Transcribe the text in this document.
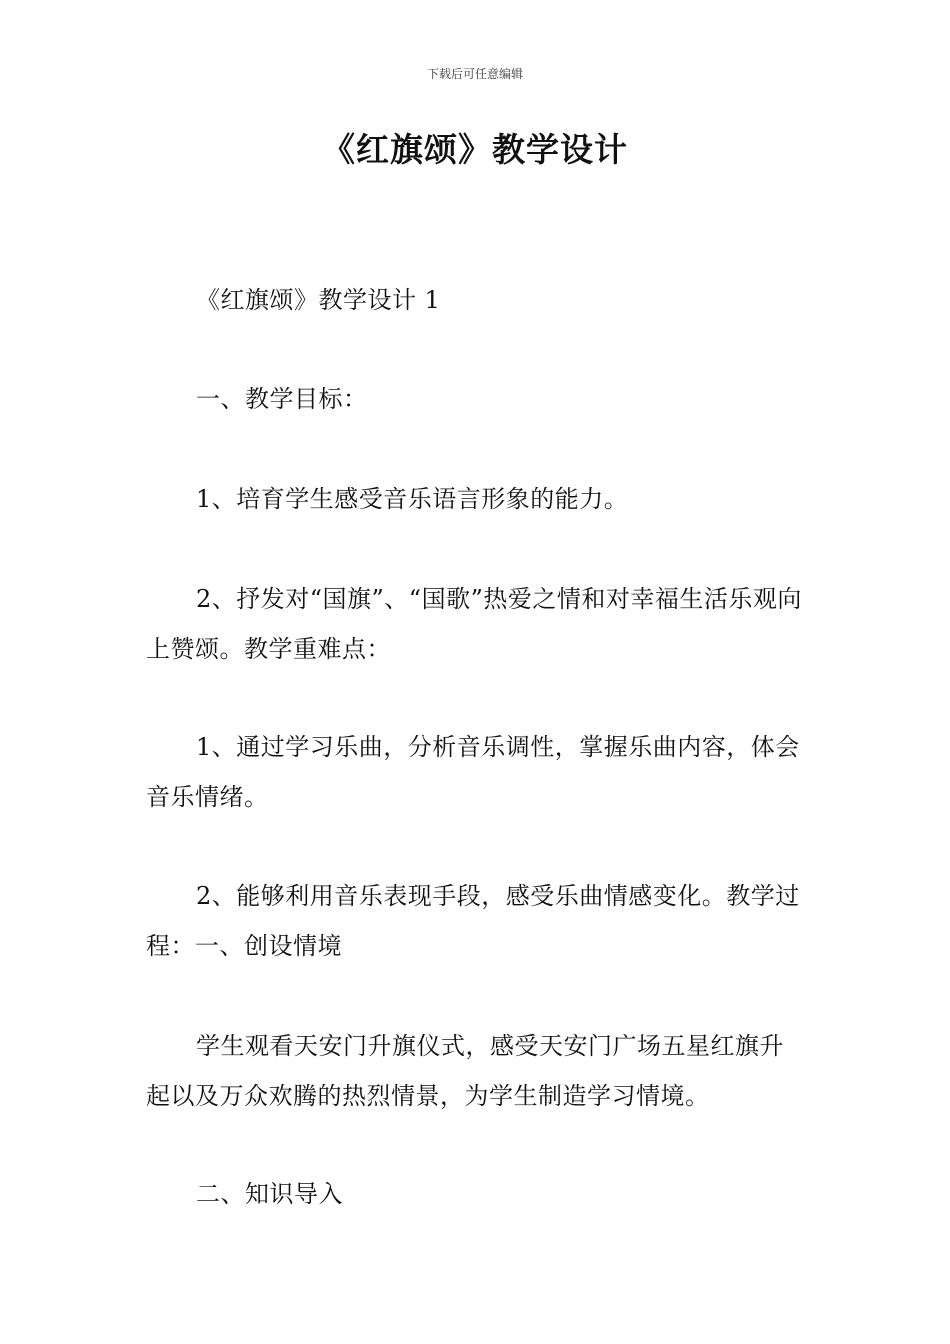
下载后可任意编辑
《红旗颂》教学设计

《红旗颂》教学设计 1

一、教学目标：

1、培育学生感受音乐语言形象的能力。

2、抒发对“国旗”、“国歌”热爱之情和对幸福生活乐观向上赞颂。教学重难点：

1、通过学习乐曲，分析音乐调性，掌握乐曲内容，体会音乐情绪。

2、能够利用音乐表现手段，感受乐曲情感变化。教学过程：一、创设情境

学生观看天安门升旗仪式，感受天安门广场五星红旗升起以及万众欢腾的热烈情景，为学生制造学习情境。

二、知识导入
